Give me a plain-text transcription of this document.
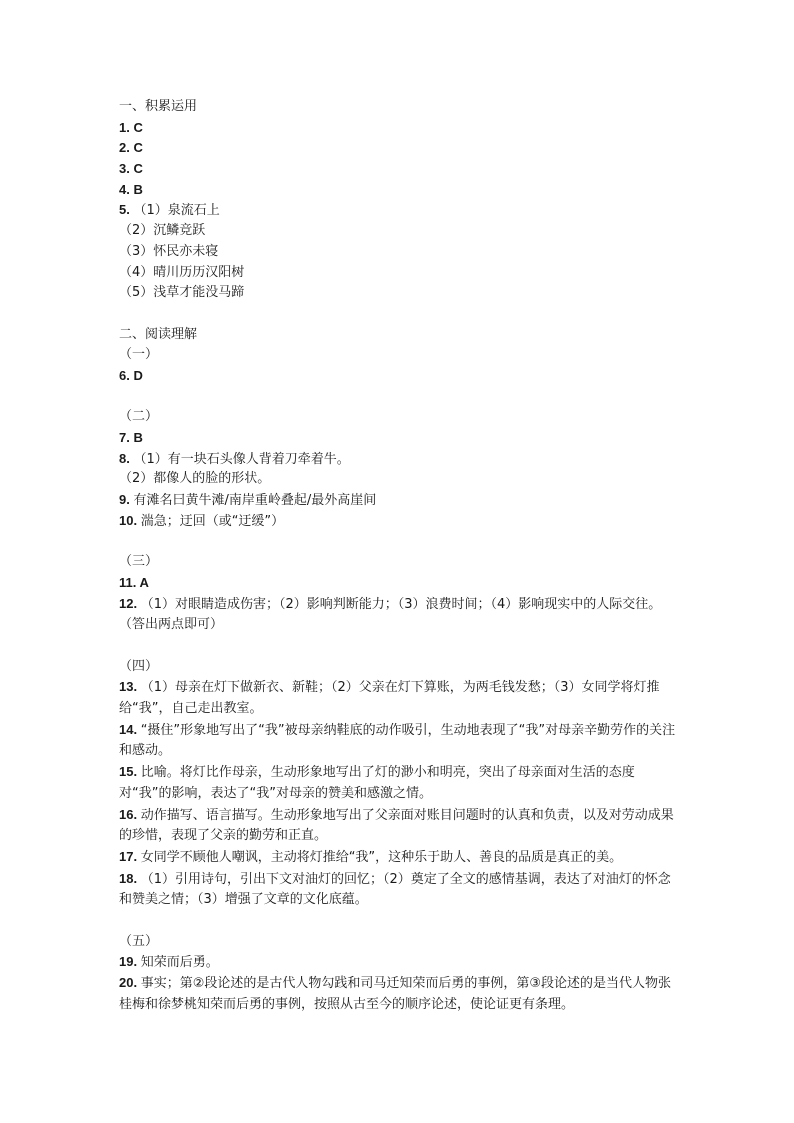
一、积累运用
1. C
2. C
3. C
4. B
5. （1）泉流石上
（2）沉鳞竞跃
（3）怀民亦未寝
（4）晴川历历汉阳树
（5）浅草才能没马蹄
二、阅读理解
（一）
6. D
（二）
7. B
8. （1）有一块石头像人背着刀牵着牛。
（2）都像人的脸的形状。
9. 有滩名曰黄牛滩/南岸重岭叠起/最外高崖间
10. 湍急；迂回（或“迂缓”）
（三）
11. A
12. （1）对眼睛造成伤害；（2）影响判断能力；（3）浪费时间；（4）影响现实中的人际交往。（答出两点即可）
（四）
13. （1）母亲在灯下做新衣、新鞋；（2）父亲在灯下算账，为两毛钱发愁；（3）女同学将灯推给“我”，自己走出教室。
14. “摄住”形象地写出了“我”被母亲纳鞋底的动作吸引，生动地表现了“我”对母亲辛勤劳作的关注和感动。
15. 比喻。将灯比作母亲，生动形象地写出了灯的渺小和明亮，突出了母亲面对生活的态度对“我”的影响，表达了“我”对母亲的赞美和感激之情。
16. 动作描写、语言描写。生动形象地写出了父亲面对账目问题时的认真和负责，以及对劳动成果的珍惜，表现了父亲的勤劳和正直。
17. 女同学不顾他人嘲讽，主动将灯推给“我”，这种乐于助人、善良的品质是真正的美。
18. （1）引用诗句，引出下文对油灯的回忆；（2）奠定了全文的感情基调，表达了对油灯的怀念和赞美之情；（3）增强了文章的文化底蕴。
（五）
19. 知荣而后勇。
20. 事实；第②段论述的是古代人物勾践和司马迁知荣而后勇的事例，第③段论述的是当代人物张桂梅和徐梦桃知荣而后勇的事例，按照从古至今的顺序论述，使论证更有条理。
